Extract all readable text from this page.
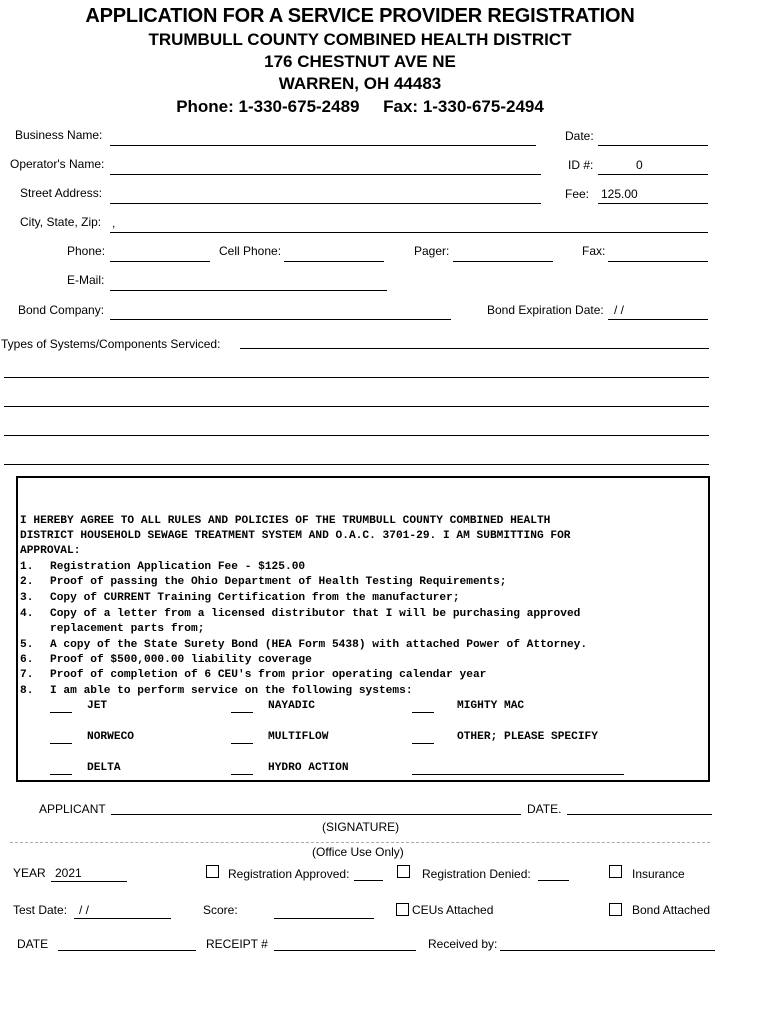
APPLICATION FOR A SERVICE PROVIDER REGISTRATION
TRUMBULL COUNTY COMBINED HEALTH DISTRICT
176 CHESTNUT AVE NE
WARREN, OH 44483
Phone: 1-330-675-2489 Fax: 1-330-675-2494
Business Name:	Date:
Operator's Name:	ID #:	0
Street Address:	Fee: 125.00
City, State, Zip: ,
Phone:	Cell Phone:	Pager:	Fax:
E-Mail:
Bond Company:	Bond Expiration Date: / /
Types of Systems/Components Serviced:
I HEREBY AGREE TO ALL RULES AND POLICIES OF THE TRUMBULL COUNTY COMBINED HEALTH
DISTRICT HOUSEHOLD SEWAGE TREATMENT SYSTEM AND O.A.C. 3701-29. I AM SUBMITTING FOR
APPROVAL:
1. Registration Application Fee - $125.00
2. Proof of passing the Ohio Department of Health Testing Requirements;
3. Copy of CURRENT Training Certification from the manufacturer;
4. Copy of a letter from a licensed distributor that I will be purchasing approved
replacement parts from;
5. A copy of the State Surety Bond (HEA Form 5438) with attached Power of Attorney.
6. Proof of $500,000.00 liability coverage
7. Proof of completion of 6 CEU's from prior operating calendar year
8. I am able to perform service on the following systems:
JET	NAYADIC	MIGHTY MAC
NORWECO	MULTIFLOW	OTHER; PLEASE SPECIFY
DELTA	HYDRO ACTION
APPLICANT	DATE.
(SIGNATURE)
(Office Use Only)
YEAR 2021	Registration Approved:	Registration Denied:	Insurance
Test Date: / /	Score:	CEUs Attached	Bond Attached
DATE	RECEIPT #	Received by:
